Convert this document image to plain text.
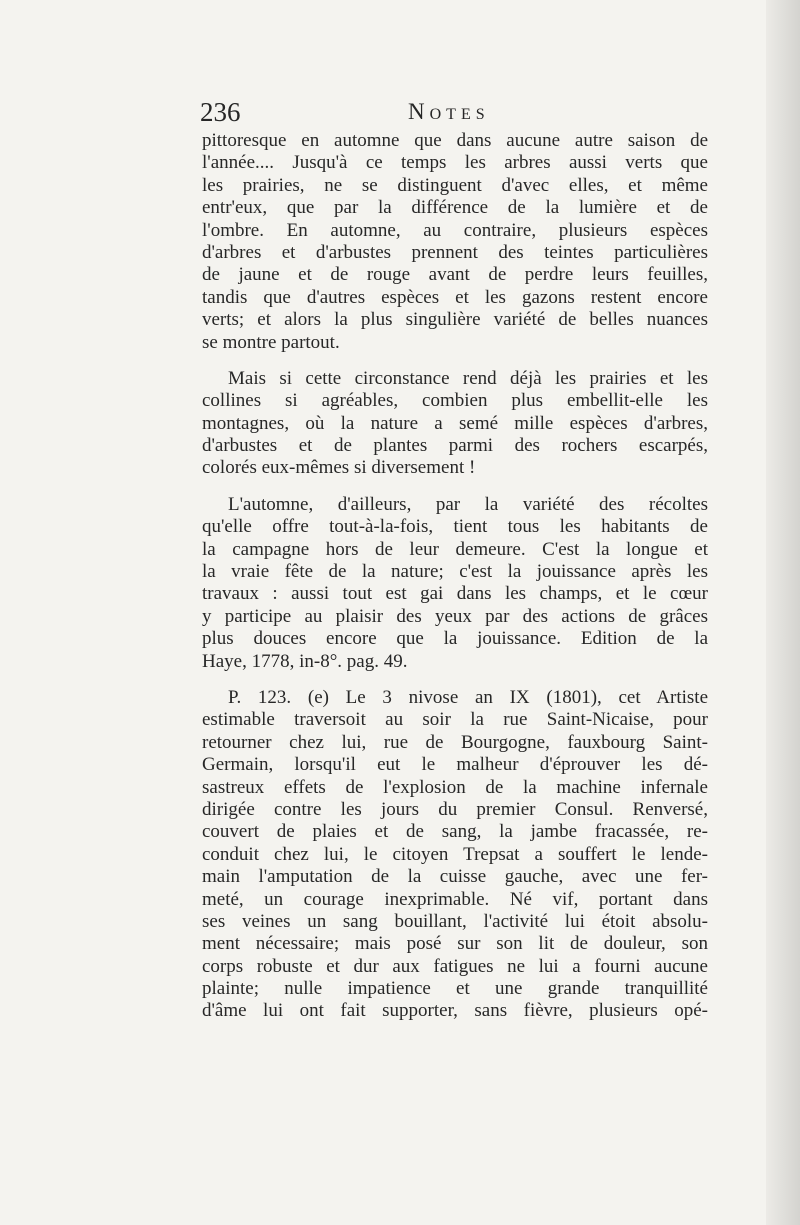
236	Notes
pittoresque en automne que dans aucune autre saison de
l'année.... Jusqu'à ce temps les arbres aussi verts que
les prairies, ne se distinguent d'avec elles, et même
entr'eux, que par la différence de la lumière et de
l'ombre. En automne, au contraire, plusieurs espèces
d'arbres et d'arbustes prennent des teintes particulières
de jaune et de rouge avant de perdre leurs feuilles,
tandis que d'autres espèces et les gazons restent encore
verts; et alors la plus singulière variété de belles nuances
se montre partout.
Mais si cette circonstance rend déjà les prairies et les
collines si agréables, combien plus embellit-elle les
montagnes, où la nature a semé mille espèces d'arbres,
d'arbustes et de plantes parmi des rochers escarpés,
colorés eux-mêmes si diversement !
L'automne, d'ailleurs, par la variété des récoltes
qu'elle offre tout-à-la-fois, tient tous les habitants de
la campagne hors de leur demeure. C'est la longue et
la vraie fête de la nature; c'est la jouissance après les
travaux : aussi tout est gai dans les champs, et le cœur
y participe au plaisir des yeux par des actions de grâces
plus douces encore que la jouissance. Edition de la
Haye, 1778, in-8°. pag. 49.
P. 123. (e) Le 3 nivose an IX (1801), cet Artiste
estimable traversoit au soir la rue Saint-Nicaise, pour
retourner chez lui, rue de Bourgogne, fauxbourg Saint-
Germain, lorsqu'il eut le malheur d'éprouver les dé-
sastreux effets de l'explosion de la machine infernale
dirigée contre les jours du premier Consul. Renversé,
couvert de plaies et de sang, la jambe fracassée, re-
conduit chez lui, le citoyen Trepsat a souffert le lende-
main l'amputation de la cuisse gauche, avec une fer-
meté, un courage inexprimable. Né vif, portant dans
ses veines un sang bouillant, l'activité lui étoit absolu-
ment nécessaire; mais posé sur son lit de douleur, son
corps robuste et dur aux fatigues ne lui a fourni aucune
plainte; nulle impatience et une grande tranquillité
d'âme lui ont fait supporter, sans fièvre, plusieurs opé-
